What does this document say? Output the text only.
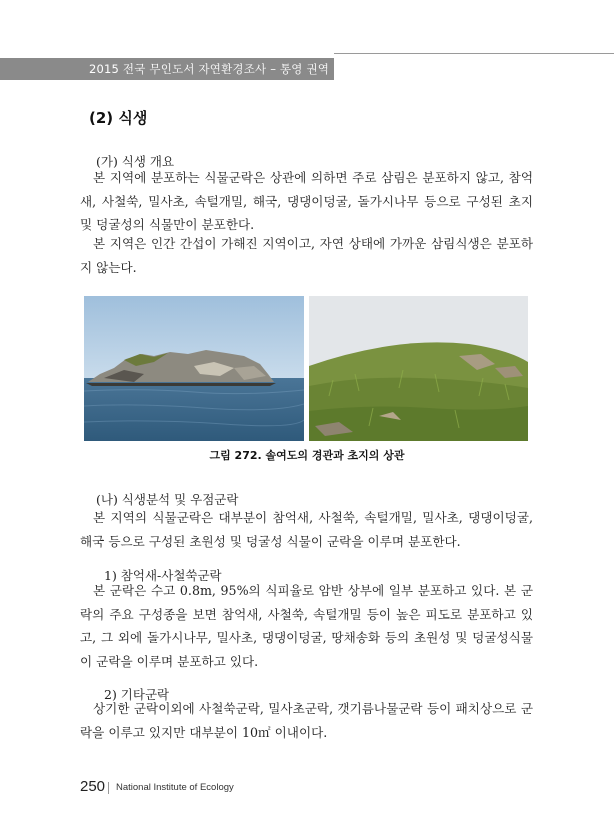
2015 전국 무인도서 자연환경조사 – 통영 권역
(2) 식생
(가) 식생 개요

본 지역에 분포하는 식물군락은 상관에 의하면 주로 삼림은 분포하지 않고, 참억새, 사철쑥, 밀사초, 속털개밀, 해국, 댕댕이덩굴, 돌가시나무 등으로 구성된 초지 및 덩굴성의 식물만이 분포한다.

본 지역은 인간 간섭이 가해진 지역이고, 자연 상태에 가까운 삼림식생은 분포하지 않는다.

그림 272. 솔여도의 경관과 초지의 상관
(나) 식생분석 및 우점군락

본 지역의 식물군락은 대부분이 참억새, 사철쑥, 속털개밀, 밀사초, 댕댕이덩굴, 해국 등으로 구성된 초원성 및 덩굴성 식물이 군락을 이루며 분포한다.

1) 참억새-사철쑥군락

본 군락은 수고 0.8m, 95%의 식피율로 암반 상부에 일부 분포하고 있다. 본 군락의 주요 구성종을 보면 참억새, 사철쑥, 속털개밀 등이 높은 피도로 분포하고 있고, 그 외에 돌가시나무, 밀사초, 댕댕이덩굴, 땅채송화 등의 초원성 및 덩굴성식물이 군락을 이루며 분포하고 있다.

2) 기타군락

상기한 군락이외에 사철쑥군락, 밀사초군락, 갯기름나물군락 등이 패치상으로 군락을 이루고 있지만 대부분이 10㎡ 이내이다.

250 National Institute of Ecology
